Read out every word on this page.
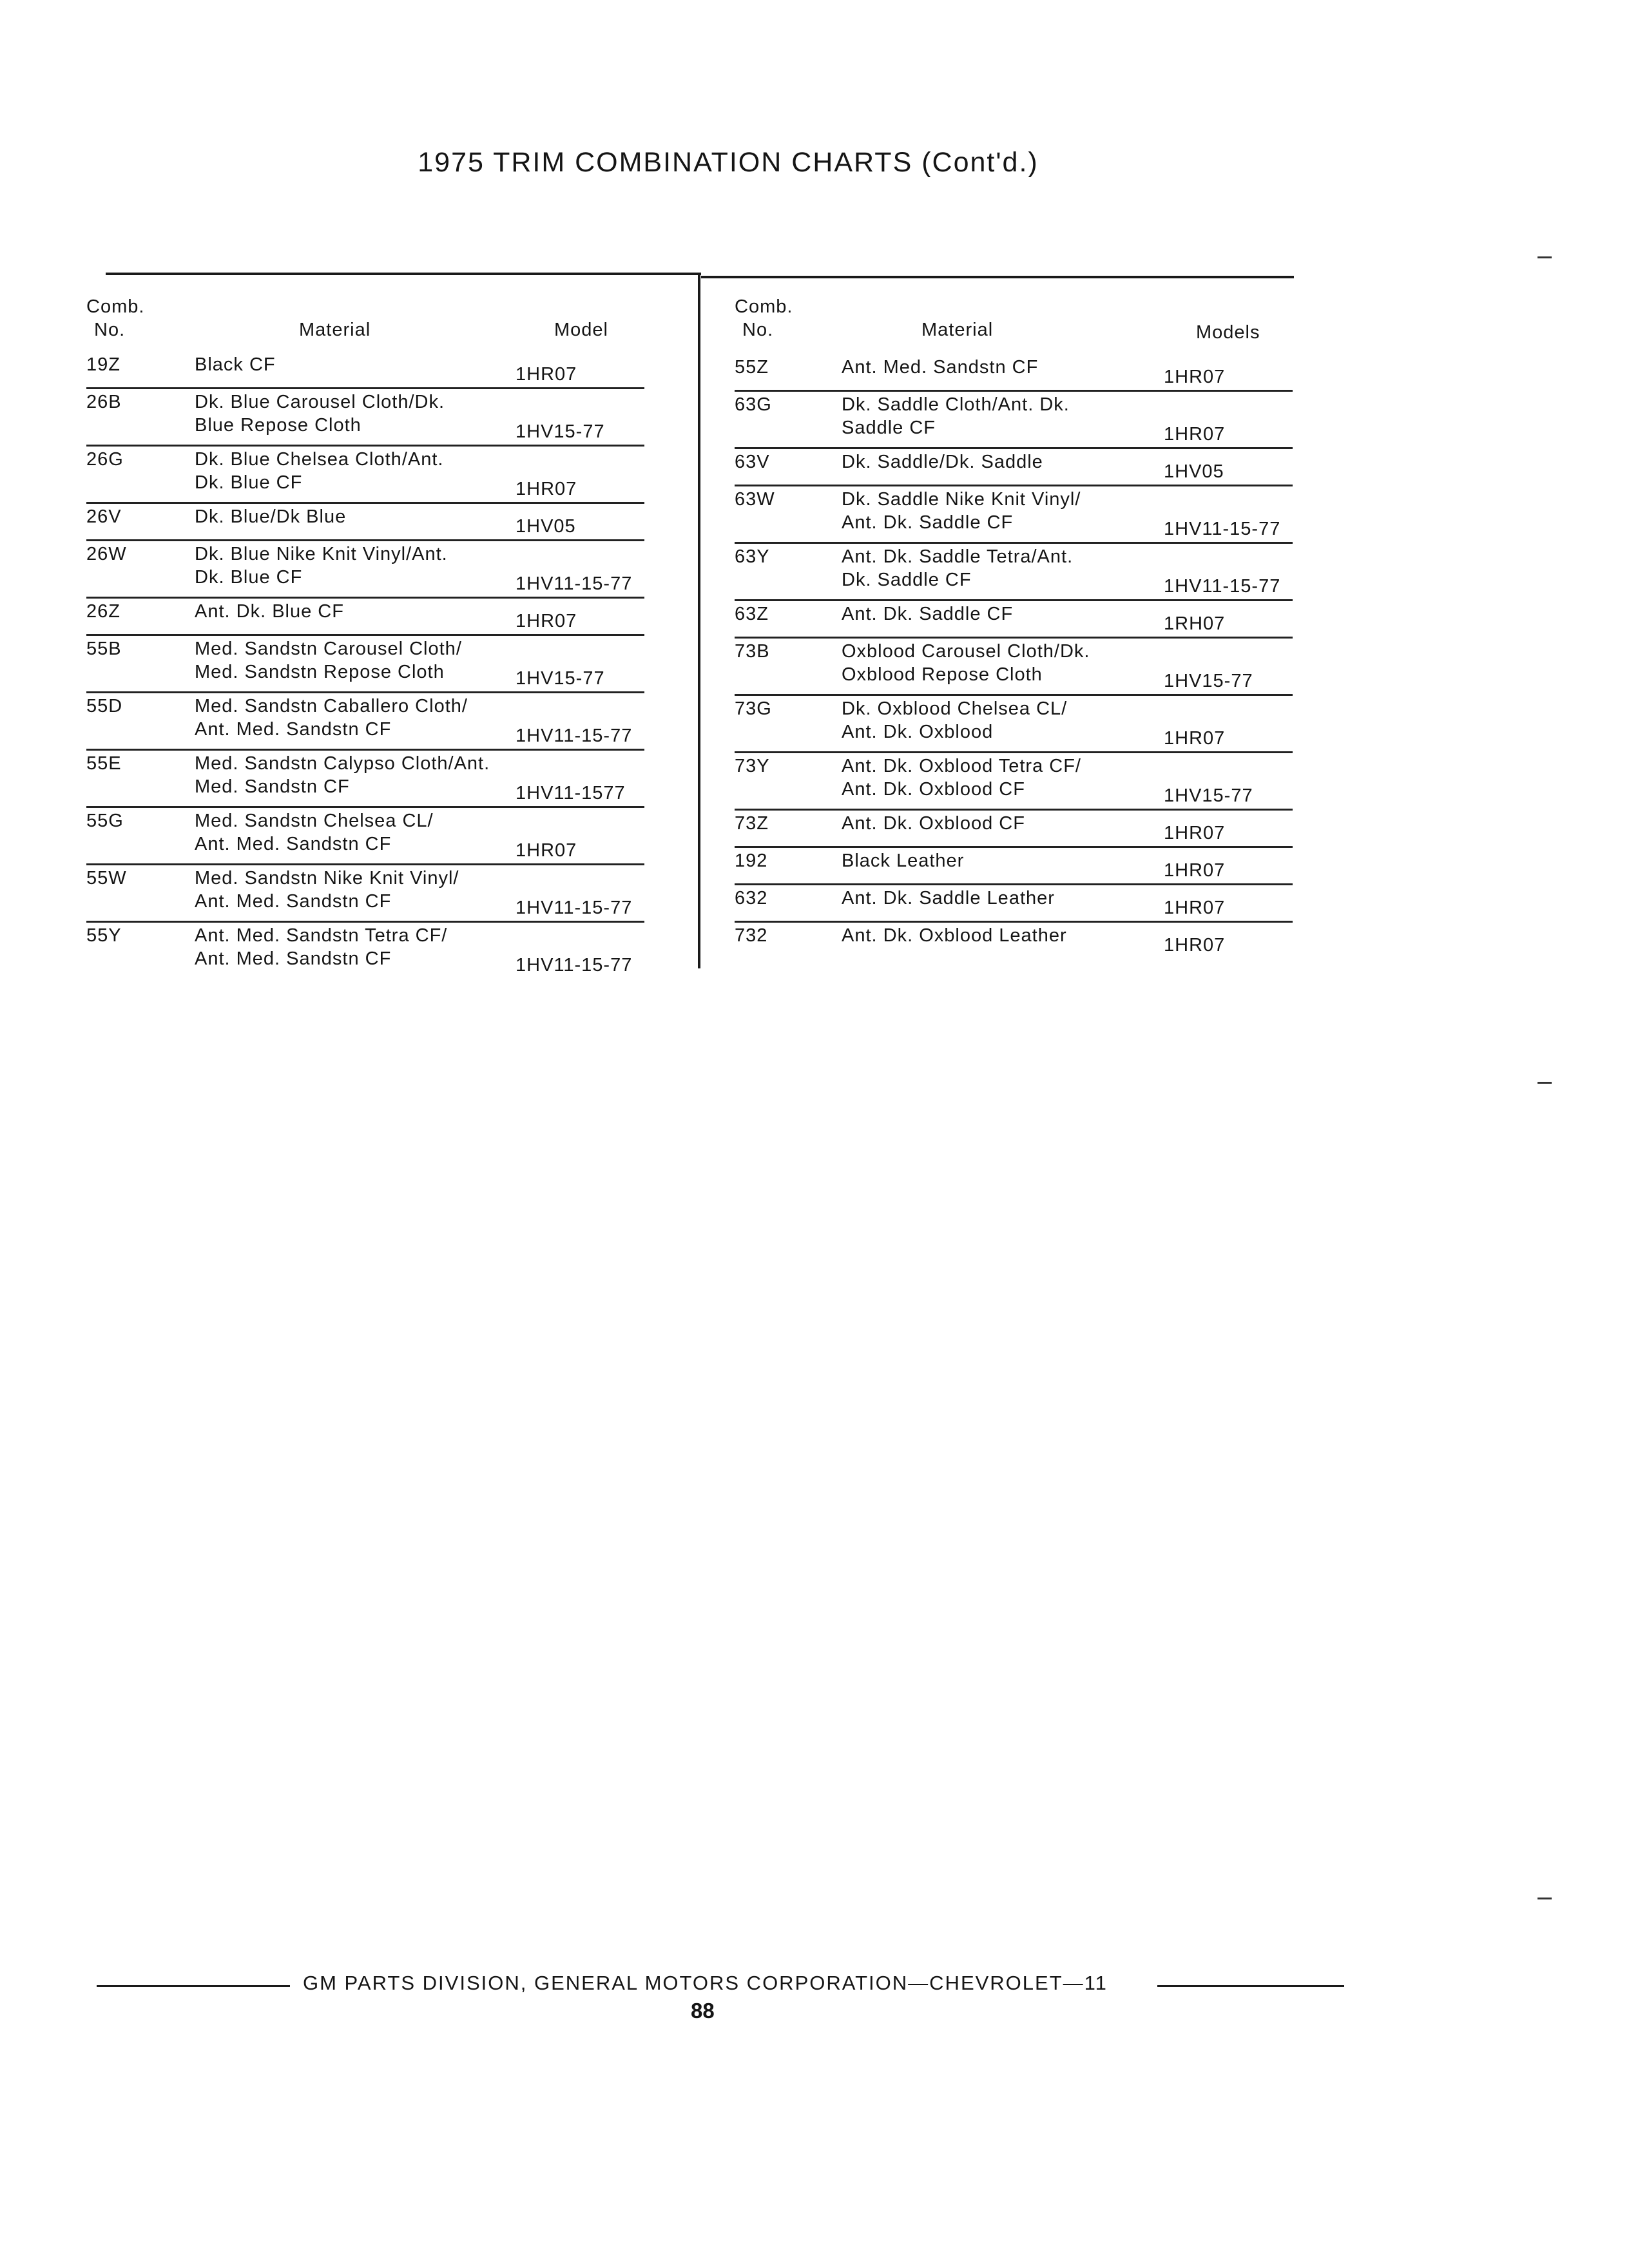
1975 TRIM COMBINATION CHARTS (Cont'd.)
Comb.
No.	Material	Model
19Z	Black CF	1HR07
26B	Dk. Blue Carousel Cloth/Dk.
Blue Repose Cloth	1HV15-77
26G	Dk. Blue Chelsea Cloth/Ant.
Dk. Blue CF	1HR07
26V	Dk. Blue/Dk Blue	1HV05
26W	Dk. Blue Nike Knit Vinyl/Ant.
Dk. Blue CF	1HV11-15-77
26Z	Ant. Dk. Blue CF	1HR07
55B	Med. Sandstn Carousel Cloth/
Med. Sandstn Repose Cloth	1HV15-77
55D	Med. Sandstn Caballero Cloth/
Ant. Med. Sandstn CF	1HV11-15-77
55E	Med. Sandstn Calypso Cloth/Ant.
Med. Sandstn CF	1HV11-1577
55G	Med. Sandstn Chelsea CL/
Ant. Med. Sandstn CF	1HR07
55W	Med. Sandstn Nike Knit Vinyl/
Ant. Med. Sandstn CF	1HV11-15-77
55Y	Ant. Med. Sandstn Tetra CF/
Ant. Med. Sandstn CF	1HV11-15-77
Comb.
No.	Material	Models
55Z	Ant. Med. Sandstn CF	1HR07
63G	Dk. Saddle Cloth/Ant. Dk.
Saddle CF	1HR07
63V	Dk. Saddle/Dk. Saddle	1HV05
63W	Dk. Saddle Nike Knit Vinyl/
Ant. Dk. Saddle CF	1HV11-15-77
63Y	Ant. Dk. Saddle Tetra/Ant.
Dk. Saddle CF	1HV11-15-77
63Z	Ant. Dk. Saddle CF	1RH07
73B	Oxblood Carousel Cloth/Dk.
Oxblood Repose Cloth	1HV15-77
73G	Dk. Oxblood Chelsea CL/
Ant. Dk. Oxblood	1HR07
73Y	Ant. Dk. Oxblood Tetra CF/
Ant. Dk. Oxblood CF	1HV15-77
73Z	Ant. Dk. Oxblood CF	1HR07
192	Black Leather	1HR07
632	Ant. Dk. Saddle Leather	1HR07
732	Ant. Dk. Oxblood Leather	1HR07
GM PARTS DIVISION, GENERAL MOTORS CORPORATION—CHEVROLET—11
88
